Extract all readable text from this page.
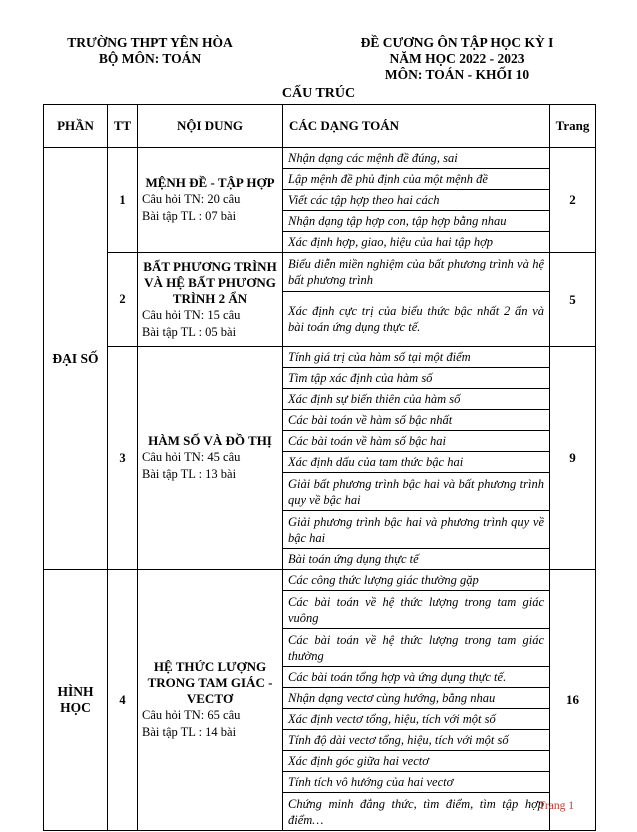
TRƯỜNG THPT YÊN HÒA
BỘ MÔN: TOÁN
ĐỀ CƯƠNG ÔN TẬP HỌC KỲ I
NĂM HỌC 2022 - 2023
MÔN: TOÁN - KHỐI 10
CẤU TRÚC
PHẦN	TT	NỘI DUNG	CÁC DẠNG TOÁN	Trang
ĐẠI SỐ	1	MỆNH ĐỀ - TẬP HỢP
Câu hỏi TN: 20 câu
Bài tập TL : 07 bài	Nhận dạng các mệnh đề đúng, sai	2
			Lập mệnh đề phủ định của một mệnh đề	
			Viết các tập hợp theo hai cách	
			Nhận dạng tập hợp con, tập hợp bằng nhau	
			Xác định hợp, giao, hiệu của hai tập hợp	
	2	BẤT PHƯƠNG TRÌNH VÀ HỆ BẤT PHƯƠNG TRÌNH 2 ẨN
Câu hỏi TN: 15 câu
Bài tập TL : 05 bài	Biểu diễn miền nghiệm của bất phương trình và hệ bất phương trình	5
			Xác định cực trị của biểu thức bậc nhất 2 ẩn và bài toán ứng dụng thực tế.	
	3	HÀM SỐ VÀ ĐỒ THỊ
Câu hỏi TN: 45 câu
Bài tập TL : 13 bài	Tính giá trị của hàm số tại một điểm	9
			Tìm tập xác định của hàm số	
			Xác định sự biến thiên của hàm số	
			Các bài toán về hàm số bậc nhất	
			Các bài toán về hàm số bậc hai	
			Xác định dấu của tam thức bậc hai	
			Giải bất phương trình bậc hai và bất phương trình quy về bậc hai	
			Giải phương trình bậc hai và phương trình quy về bậc hai	
			Bài toán ứng dụng thực tế	
HÌNH HỌC	4	HỆ THỨC LƯỢNG TRONG TAM GIÁC - VECTƠ
Câu hỏi TN: 65 câu
Bài tập TL : 14 bài	Các công thức lượng giác thường gặp	16
			Các bài toán về hệ thức lượng trong tam giác vuông	
			Các bài toán về hệ thức lượng trong tam giác thường	
			Các bài toán tổng hợp và ứng dụng thực tế.	
			Nhận dạng vectơ cùng hướng, bằng nhau	
			Xác định vectơ tổng, hiệu, tích với một số	
			Tính độ dài vectơ tổng, hiệu, tích với một số	
			Xác định góc giữa hai vectơ	
			Tính tích vô hướng của hai vectơ	
			Chứng minh đẳng thức, tìm điểm, tìm tập hợp điểm…	
Trang 1
